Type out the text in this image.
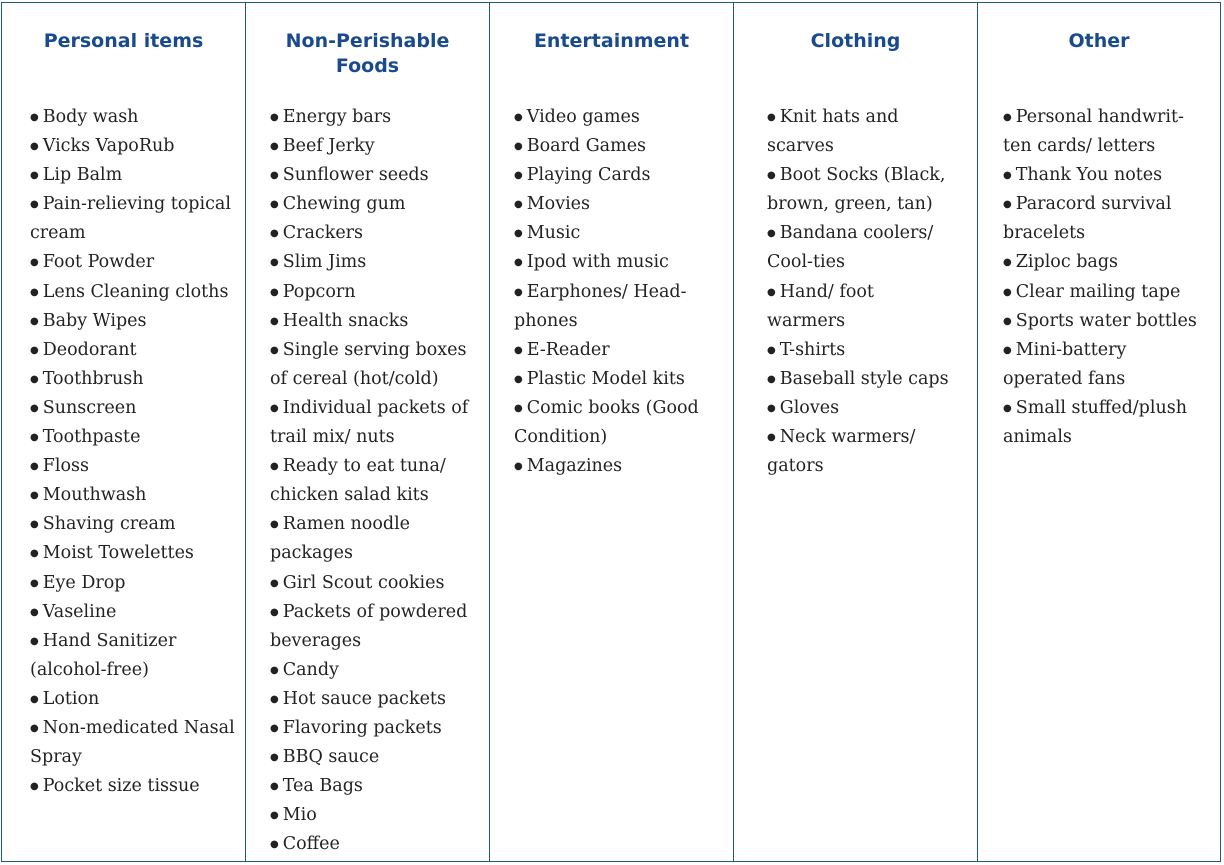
Personal items
● Body wash
● Vicks VapoRub
● Lip Balm
● Pain-relieving topical cream
● Foot Powder
● Lens Cleaning cloths
● Baby Wipes
● Deodorant
● Toothbrush
● Sunscreen
● Toothpaste
● Floss
● Mouthwash
● Shaving cream
● Moist Towelettes
● Eye Drop
● Vaseline
● Hand Sanitizer (alcohol-free)
● Lotion
● Non-medicated Nasal Spray
● Pocket size tissue
Non-Perishable Foods
● Energy bars
● Beef Jerky
● Sunflower seeds
● Chewing gum
● Crackers
● Slim Jims
● Popcorn
● Health snacks
● Single serving boxes of cereal (hot/cold)
● Individual packets of trail mix/ nuts
● Ready to eat tuna/ chicken salad kits
● Ramen noodle packages
● Girl Scout cookies
● Packets of powdered beverages
● Candy
● Hot sauce packets
● Flavoring packets
● BBQ sauce
● Tea Bags
● Mio
● Coffee
Entertainment
● Video games
● Board Games
● Playing Cards
● Movies
● Music
● Ipod with music
● Earphones/ Head-phones
● E-Reader
● Plastic Model kits
● Comic books (Good Condition)
● Magazines
Clothing
● Knit hats and scarves
● Boot Socks (Black, brown, green, tan)
● Bandana coolers/ Cool-ties
● Hand/ foot warmers
● T-shirts
● Baseball style caps
● Gloves
● Neck warmers/ gators
Other
● Personal handwrit-ten cards/ letters
● Thank You notes
● Paracord survival bracelets
● Ziploc bags
● Clear mailing tape
● Sports water bottles
● Mini-battery operated fans
● Small stuffed/plush animals
